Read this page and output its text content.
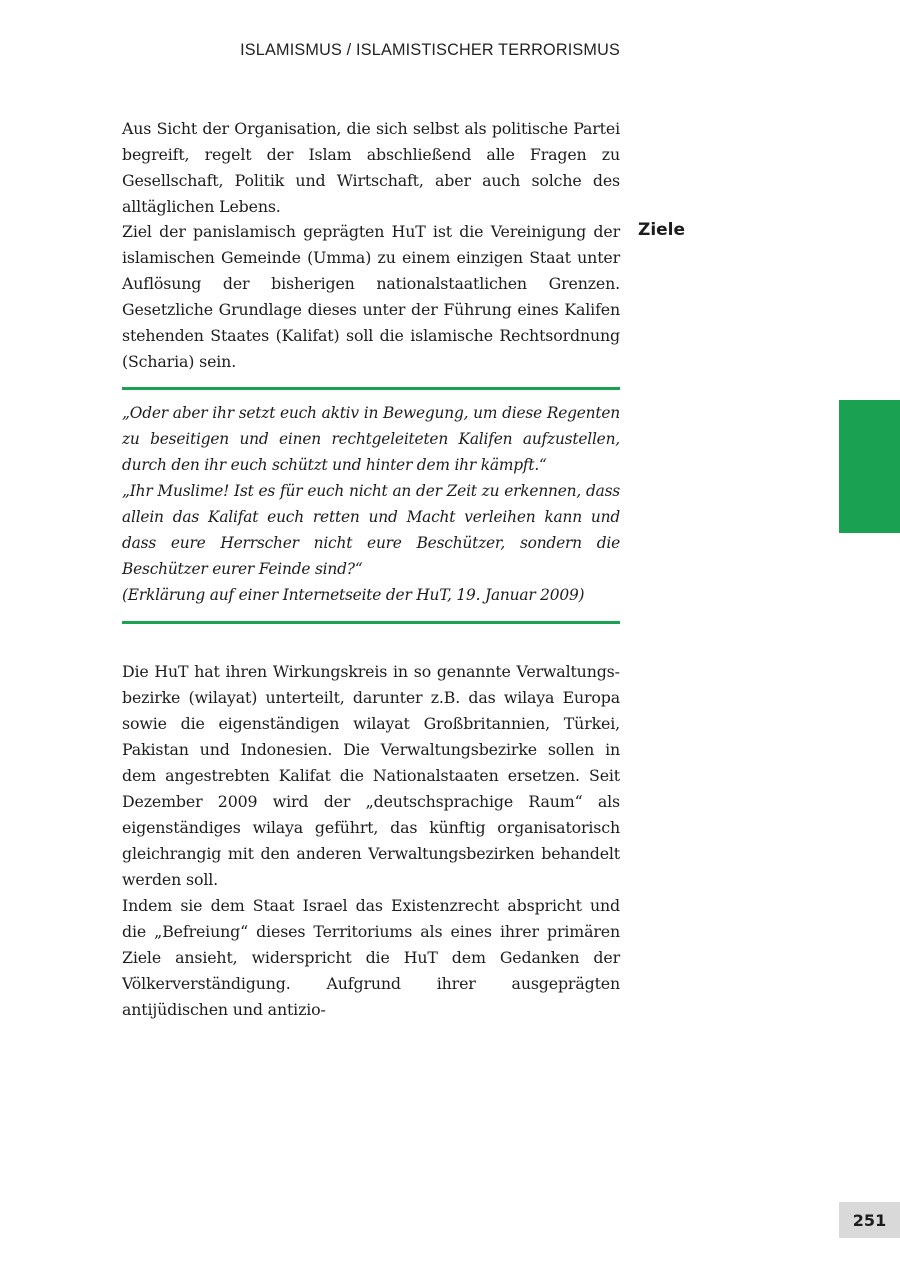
ISLAMISMUS / ISLAMISTISCHER TERRORISMUS

Aus Sicht der Organisation, die sich selbst als politische Partei begreift, regelt der Islam abschließend alle Fragen zu Gesellschaft, Politik und Wirtschaft, aber auch solche des alltäglichen Lebens.

Ziel der panislamisch geprägten HuT ist die Vereinigung der islamischen Gemeinde (Umma) zu einem einzigen Staat unter Auflösung der bisherigen nationalstaatlichen Grenzen. Gesetzliche Grundlage dieses unter der Führung eines Kalifen stehenden Staates (Kalifat) soll die islamische Rechtsordnung (Scharia) sein.

Ziele

„Oder aber ihr setzt euch aktiv in Bewegung, um diese Regenten zu beseitigen und einen rechtgeleiteten Kalifen aufzustellen, durch den ihr euch schützt und hinter dem ihr kämpft.“

„Ihr Muslime! Ist es für euch nicht an der Zeit zu erkennen, dass allein das Kalifat euch retten und Macht verleihen kann und dass eure Herrscher nicht eure Beschützer, sondern die Beschützer eurer Feinde sind?“

(Erklärung auf einer Internetseite der HuT, 19. Januar 2009)

Die HuT hat ihren Wirkungskreis in so genannte Verwaltungsbezirke (wilayat) unterteilt, darunter z.B. das wilaya Europa sowie die eigenständigen wilayat Großbritannien, Türkei, Pakistan und Indonesien. Die Verwaltungsbezirke sollen in dem angestrebten Kalifat die Nationalstaaten ersetzen. Seit Dezember 2009 wird der „deutschsprachige Raum“ als eigenständiges wilaya geführt, das künftig organisatorisch gleichrangig mit den anderen Verwaltungsbezirken behandelt werden soll.

Indem sie dem Staat Israel das Existenzrecht abspricht und die „Befreiung“ dieses Territoriums als eines ihrer primären Ziele ansieht, widerspricht die HuT dem Gedanken der Völkerverständigung. Aufgrund ihrer ausgeprägten antijüdischen und antizio-

251
